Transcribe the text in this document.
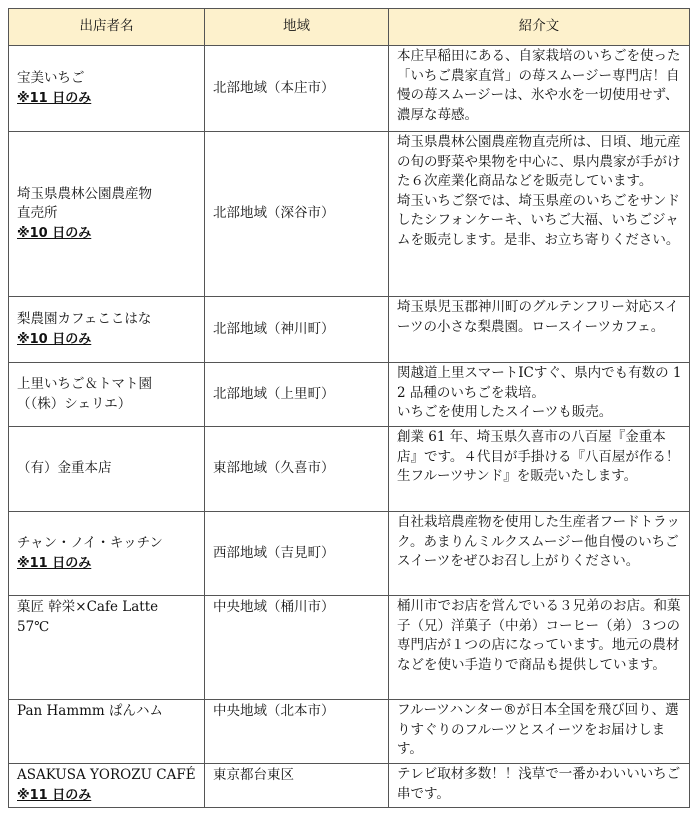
出店者名	地域	紹介文

宝美いちご
※11 日のみ	北部地域（本庄市）	本庄早稲田にある、自家栽培のいちごを使った「いちご農家直営」の苺スムージー専門店！自慢の苺スムージーは、氷や水を一切使用せず、濃厚な苺感。

埼玉県農林公園農産物
直売所
※10 日のみ	北部地域（深谷市）	埼玉県農林公園農産物直売所は、日頃、地元産の旬の野菜や果物を中心に、県内農家が手がけた６次産業化商品などを販売しています。
埼玉いちご祭では、埼玉県産のいちごをサンドしたシフォンケーキ、いちご大福、いちごジャムを販売します。是非、お立ち寄りください。

梨農園カフェここはな
※10 日のみ	北部地域（神川町）	埼玉県児玉郡神川町のグルテンフリー対応スイーツの小さな梨農園。ロースイーツカフェ。

上里いちご＆トマト園
（（株）シェリエ）	北部地域（上里町）	関越道上里スマートICすぐ、県内でも有数の 12 品種のいちごを栽培。
いちごを使用したスイーツも販売。

（有）金重本店	東部地域（久喜市）	創業 61 年、埼玉県久喜市の八百屋『金重本店』です。４代目が手掛ける『八百屋が作る！生フルーツサンド』を販売いたします。

チャン・ノイ・キッチン
※11 日のみ	西部地域（吉見町）	自社栽培農産物を使用した生産者フードトラック。あまりんミルクスムージー他自慢のいちごスイーツをぜひお召し上がりください。

菓匠 幹栄×Cafe Latte
57℃	中央地域（桶川市）	桶川市でお店を営んでいる３兄弟のお店。和菓子（兄）洋菓子（中弟）コーヒー（弟）３つの専門店が１つの店になっています。地元の農材などを使い手造りで商品も提供しています。

Pan Hammm ぱんハム	中央地域（北本市）	フルーツハンター®が日本全国を飛び回り、選りすぐりのフルーツとスイーツをお届けします。

ASAKUSA YOROZU CAFÉ
※11 日のみ	東京都台東区	テレビ取材多数！！浅草で一番かわいいいちご串です。
